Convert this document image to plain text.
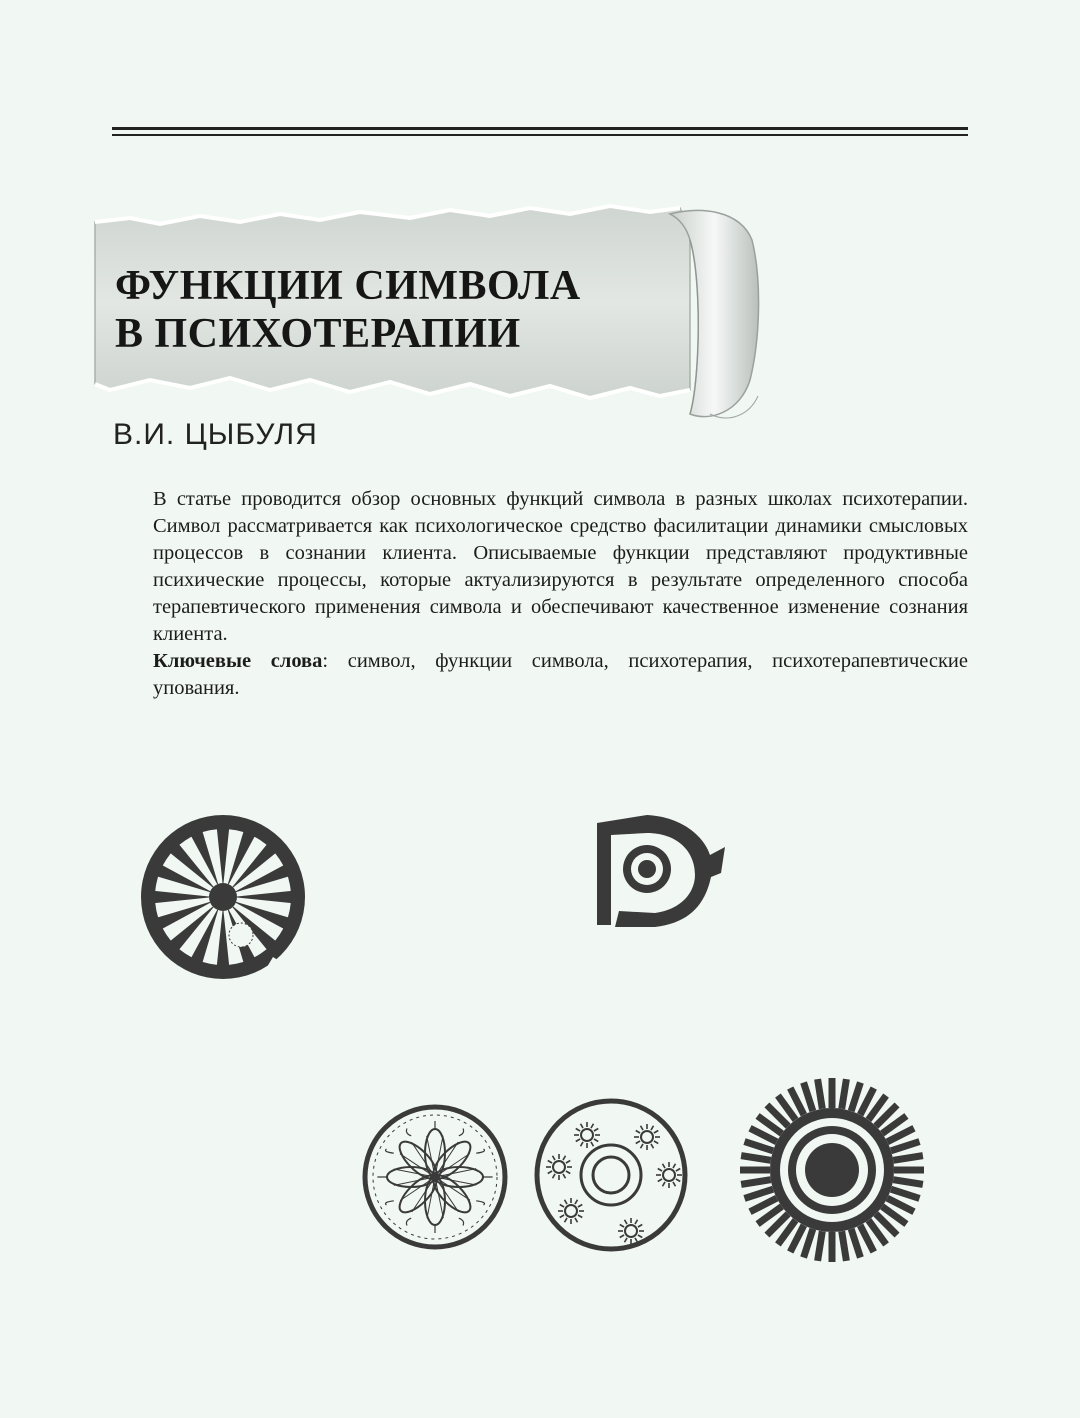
ФУНКЦИИ СИМВОЛА
В ПСИХОТЕРАПИИ
В.И. ЦЫБУЛЯ

В статье проводится обзор основных функций символа в разных школах психотерапии. Символ рассматривается как психологическое средство фасилитации динамики смысловых процессов в сознании клиента. Описываемые функции представляют продуктивные психические процессы, которые актуализируются в результате определенного способа терапевтического применения символа и обеспечивают качественное изменение сознания клиента.

Ключевые слова: символ, функции символа, психотерапия, психотерапевтические упования.
